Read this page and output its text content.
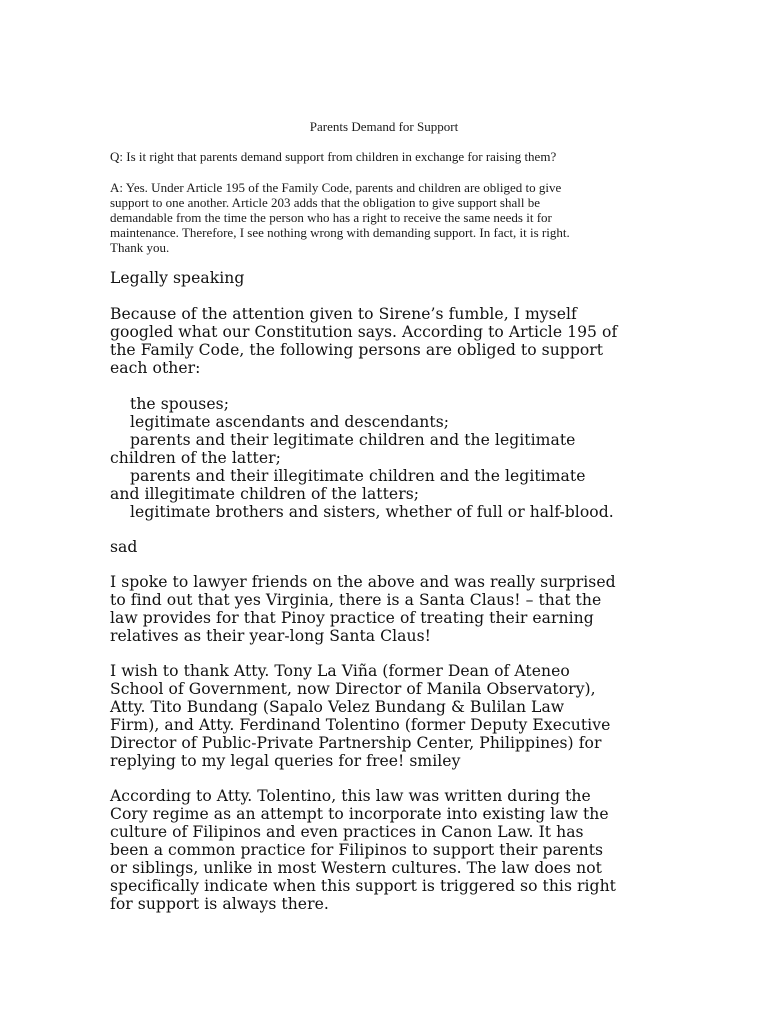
Parents Demand for Support

Q: Is it right that parents demand support from children in exchange for raising them?

A: Yes. Under Article 195 of the Family Code, parents and children are obliged to give
support to one another. Article 203 adds that the obligation to give support shall be
demandable from the time the person who has a right to receive the same needs it for
maintenance. Therefore, I see nothing wrong with demanding support. In fact, it is right.
Thank you.
Legally speaking
Because of the attention given to Sirene’s fumble, I myself
googled what our Constitution says. According to Article 195 of
the Family Code, the following persons are obliged to support
each other:
the spouses;
legitimate ascendants and descendants;
parents and their legitimate children and the legitimate
children of the latter;
parents and their illegitimate children and the legitimate
and illegitimate children of the latters;
legitimate brothers and sisters, whether of full or half-blood.
sad
I spoke to lawyer friends on the above and was really surprised
to find out that yes Virginia, there is a Santa Claus! – that the
law provides for that Pinoy practice of treating their earning
relatives as their year-long Santa Claus!
I wish to thank Atty. Tony La Viña (former Dean of Ateneo
School of Government, now Director of Manila Observatory),
Atty. Tito Bundang (Sapalo Velez Bundang & Bulilan Law
Firm), and Atty. Ferdinand Tolentino (former Deputy Executive
Director of Public-Private Partnership Center, Philippines) for
replying to my legal queries for free! smiley
According to Atty. Tolentino, this law was written during the
Cory regime as an attempt to incorporate into existing law the
culture of Filipinos and even practices in Canon Law. It has
been a common practice for Filipinos to support their parents
or siblings, unlike in most Western cultures. The law does not
specifically indicate when this support is triggered so this right
for support is always there.
